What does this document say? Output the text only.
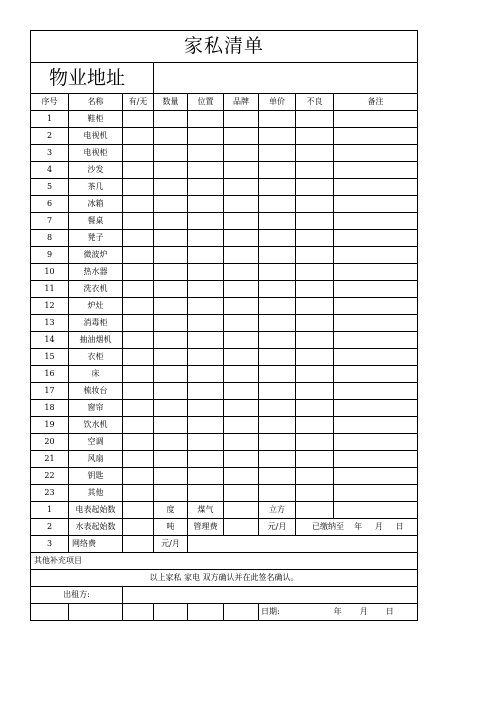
家私清单								
物业地址								
序号	名称	有/无	数量	位置	品牌	单价	不良	备注
1	鞋柜							
2	电视机							
3	电视柜							
4	沙发							
5	茶几							
6	冰箱							
7	餐桌							
8	凳子							
9	微波炉							
10	热水器							
11	洗衣机							
12	炉灶							
13	消毒柜							
14	抽油烟机							
15	衣柜							
16	床							
17	梳妆台							
18	窗帘							
19	饮水机							
20	空调							
21	风扇							
22	钥匙							
23	其他							
1	电表起始数		度	煤气		立方		
2	水表起始数		吨	管理费		元/月	已缴纳至 年 月 日	
3	网络费		元/月					
其他补充项目								
以上家私 家电 双方确认并在此签名确认。								
出租方:								
						日期: 年 月 日		
